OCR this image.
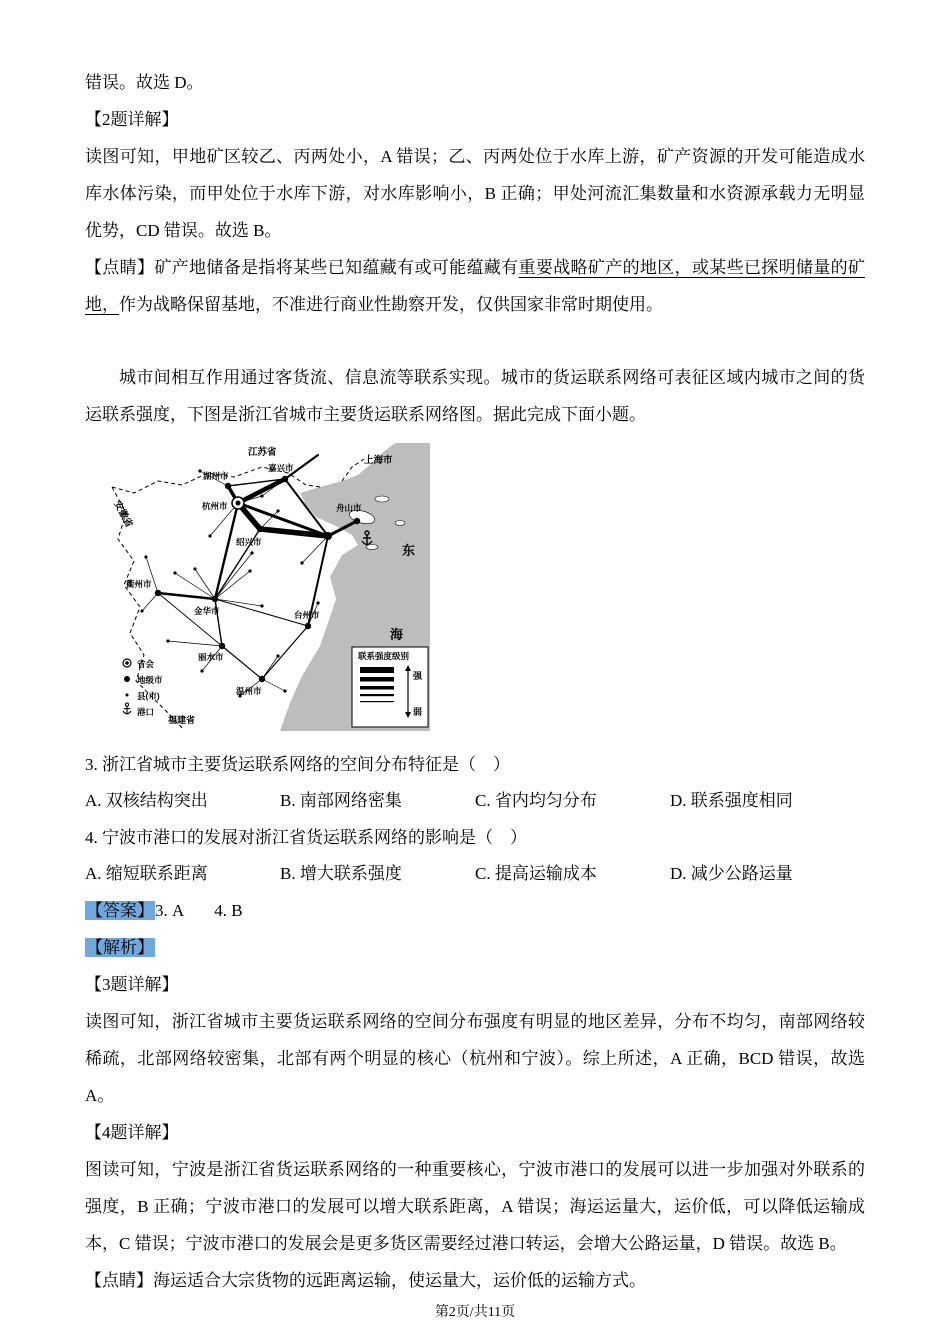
错误。故选 D。

【2题详解】

读图可知，甲地矿区较乙、丙两处小，A 错误；乙、丙两处位于水库上游，矿产资源的开发可能造成水库水体污染，而甲处位于水库下游，对水库影响小，B 正确；甲处河流汇集数量和水资源承载力无明显优势，CD 错误。故选 B。

【点睛】矿产地储备是指将某些已知蕴藏有或可能蕴藏有重要战略矿产的地区，或某些已探明储量的矿地，作为战略保留基地，不准进行商业性勘察开发，仅供国家非常时期使用。

城市间相互作用通过客货流、信息流等联系实现。城市的货运联系网络可表征区域内城市之间的货运联系强度，下图是浙江省城市主要货运联系网络图。据此完成下面小题。

江苏省
上海市
安徽省
福建省
东
海
湖州市
嘉兴市
杭州市
绍兴市
舟山市
衢州市
金华市
丽水市
台州市
温州市
省会
地级市
县(市)
港口
联系强度级别
强
弱

3. 浙江省城市主要货运联系网络的空间分布特征是（　）

A. 双核结构突出	B. 南部网络密集	C. 省内均匀分布	D. 联系强度相同

4. 宁波市港口的发展对浙江省货运联系网络的影响是（　）

A. 缩短联系距离	B. 增大联系强度	C. 提高运输成本	D. 减少公路运量

【答案】3. A 4. B

【解析】

【3题详解】

读图可知，浙江省城市主要货运联系网络的空间分布强度有明显的地区差异，分布不均匀，南部网络较稀疏，北部网络较密集，北部有两个明显的核心（杭州和宁波）。综上所述，A 正确，BCD 错误，故选 A。

【4题详解】

图读可知，宁波是浙江省货运联系网络的一种重要核心，宁波市港口的发展可以进一步加强对外联系的强度，B 正确；宁波市港口的发展可以增大联系距离，A 错误；海运运量大，运价低，可以降低运输成本，C 错误；宁波市港口的发展会是更多货区需要经过港口转运，会增大公路运量，D 错误。故选 B。

【点睛】海运适合大宗货物的远距离运输，使运量大，运价低的运输方式。

第2页/共11页
